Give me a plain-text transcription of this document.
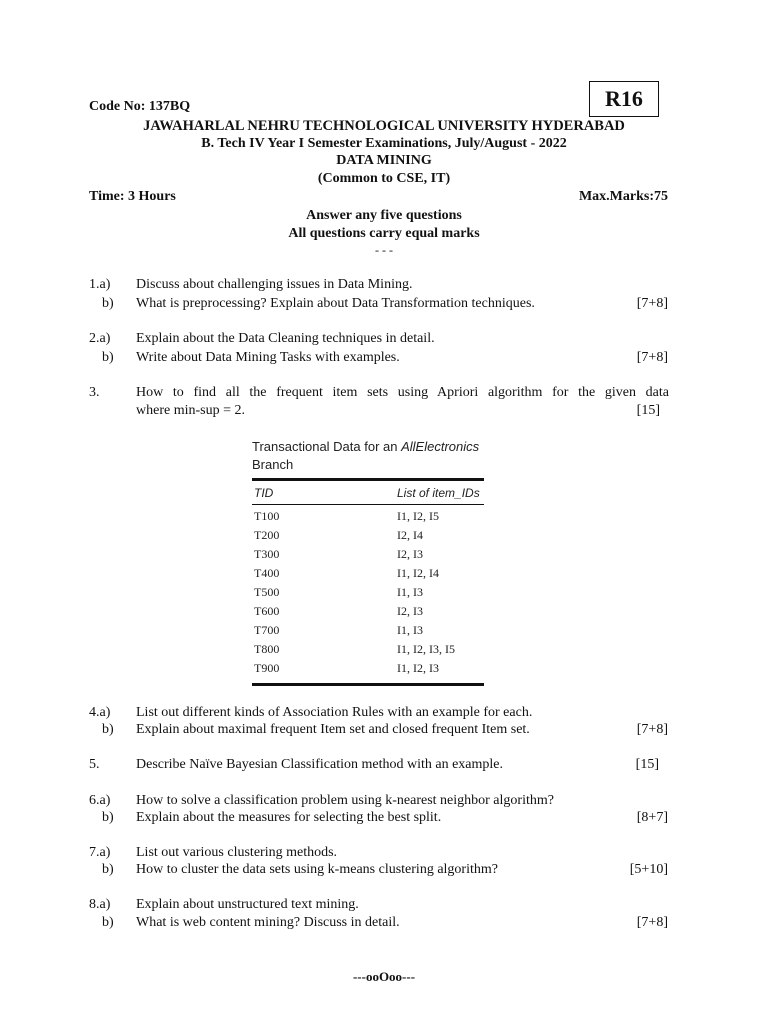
R16
Code No: 137BQ
JAWAHARLAL NEHRU TECHNOLOGICAL UNIVERSITY HYDERABAD
B. Tech IV Year I Semester Examinations, July/August - 2022
DATA MINING
(Common to CSE, IT)
Time: 3 Hours	Max.Marks:75
Answer any five questions
All questions carry equal marks
- - -
1.a) Discuss about challenging issues in Data Mining.
b) What is preprocessing? Explain about Data Transformation techniques.	[7+8]
2.a) Explain about the Data Cleaning techniques in detail.
b) Write about Data Mining Tasks with examples.	[7+8]
3.	How to find all the frequent item sets using Apriori algorithm for the given data
where min-sup = 2.	[15]
Transactional Data for an AllElectronics
Branch
TID	List of item_IDs
T100	I1, I2, I5
T200	I2, I4
T300	I2, I3
T400	I1, I2, I4
T500	I1, I3
T600	I2, I3
T700	I1, I3
T800	I1, I2, I3, I5
T900	I1, I2, I3
4.a) List out different kinds of Association Rules with an example for each.
b) Explain about maximal frequent Item set and closed frequent Item set.	[7+8]
5.	Describe Naïve Bayesian Classification method with an example.	[15]
6.a) How to solve a classification problem using k-nearest neighbor algorithm?
b) Explain about the measures for selecting the best split.	[8+7]
7.a) List out various clustering methods.
b) How to cluster the data sets using k-means clustering algorithm?	[5+10]
8.a) Explain about unstructured text mining.
b) What is web content mining? Discuss in detail.	[7+8]
---ooOoo---
